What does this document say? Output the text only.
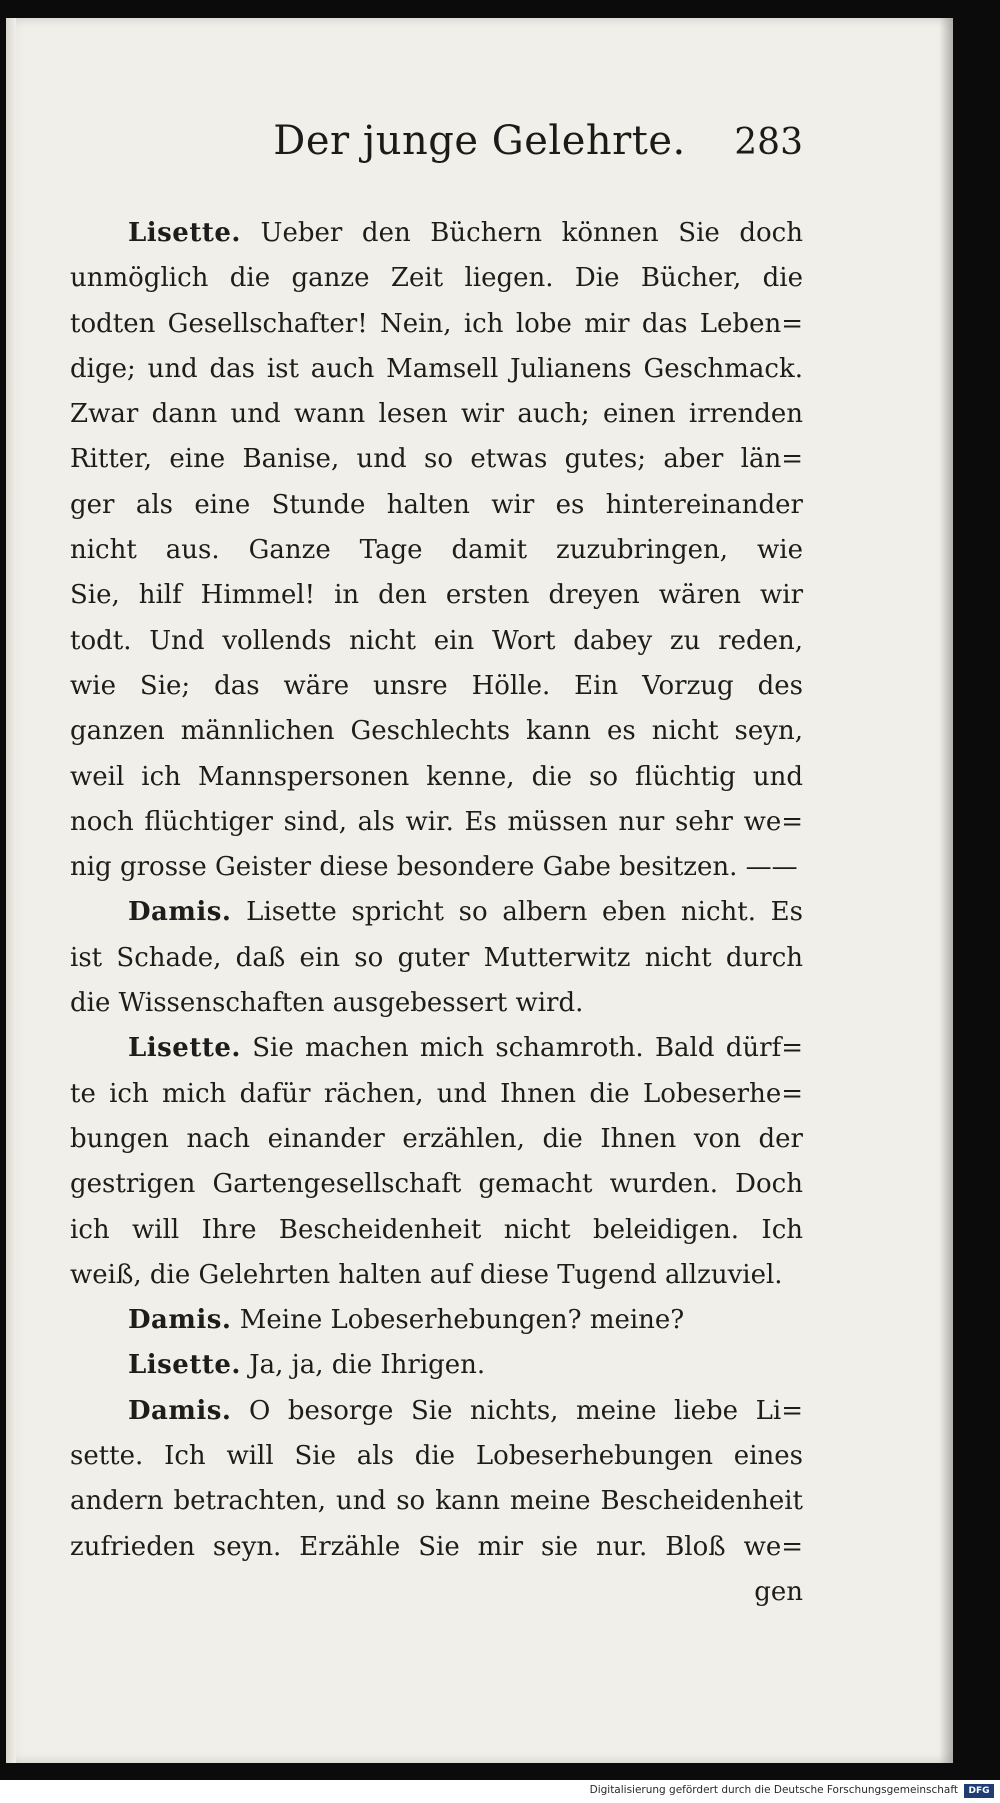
Der junge Gelehrte.	283
Lisette. Ueber den Büchern können Sie doch
unmöglich die ganze Zeit liegen. Die Bücher, die
todten Gesellschafter! Nein, ich lobe mir das Leben=
dige; und das ist auch Mamsell Julianens Geschmack.
Zwar dann und wann lesen wir auch; einen irrenden
Ritter, eine Banise, und so etwas gutes; aber län=
ger als eine Stunde halten wir es hintereinander
nicht aus. Ganze Tage damit zuzubringen, wie
Sie, hilf Himmel! in den ersten dreyen wären wir
todt. Und vollends nicht ein Wort dabey zu reden,
wie Sie; das wäre unsre Hölle. Ein Vorzug des
ganzen männlichen Geschlechts kann es nicht seyn,
weil ich Mannspersonen kenne, die so flüchtig und
noch flüchtiger sind, als wir. Es müssen nur sehr we=
nig grosse Geister diese besondere Gabe besitzen. ——
Damis. Lisette spricht so albern eben nicht. Es
ist Schade, daß ein so guter Mutterwitz nicht durch
die Wissenschaften ausgebessert wird.
Lisette. Sie machen mich schamroth. Bald dürf=
te ich mich dafür rächen, und Ihnen die Lobeserhe=
bungen nach einander erzählen, die Ihnen von der
gestrigen Gartengesellschaft gemacht wurden. Doch
ich will Ihre Bescheidenheit nicht beleidigen. Ich
weiß, die Gelehrten halten auf diese Tugend allzuviel.
Damis. Meine Lobeserhebungen? meine?
Lisette. Ja, ja, die Ihrigen.
Damis. O besorge Sie nichts, meine liebe Li=
sette. Ich will Sie als die Lobeserhebungen eines
andern betrachten, und so kann meine Bescheidenheit
zufrieden seyn. Erzähle Sie mir sie nur. Bloß we=
gen
Digitalisierung gefördert durch die Deutsche Forschungsgemeinschaft	DFG
